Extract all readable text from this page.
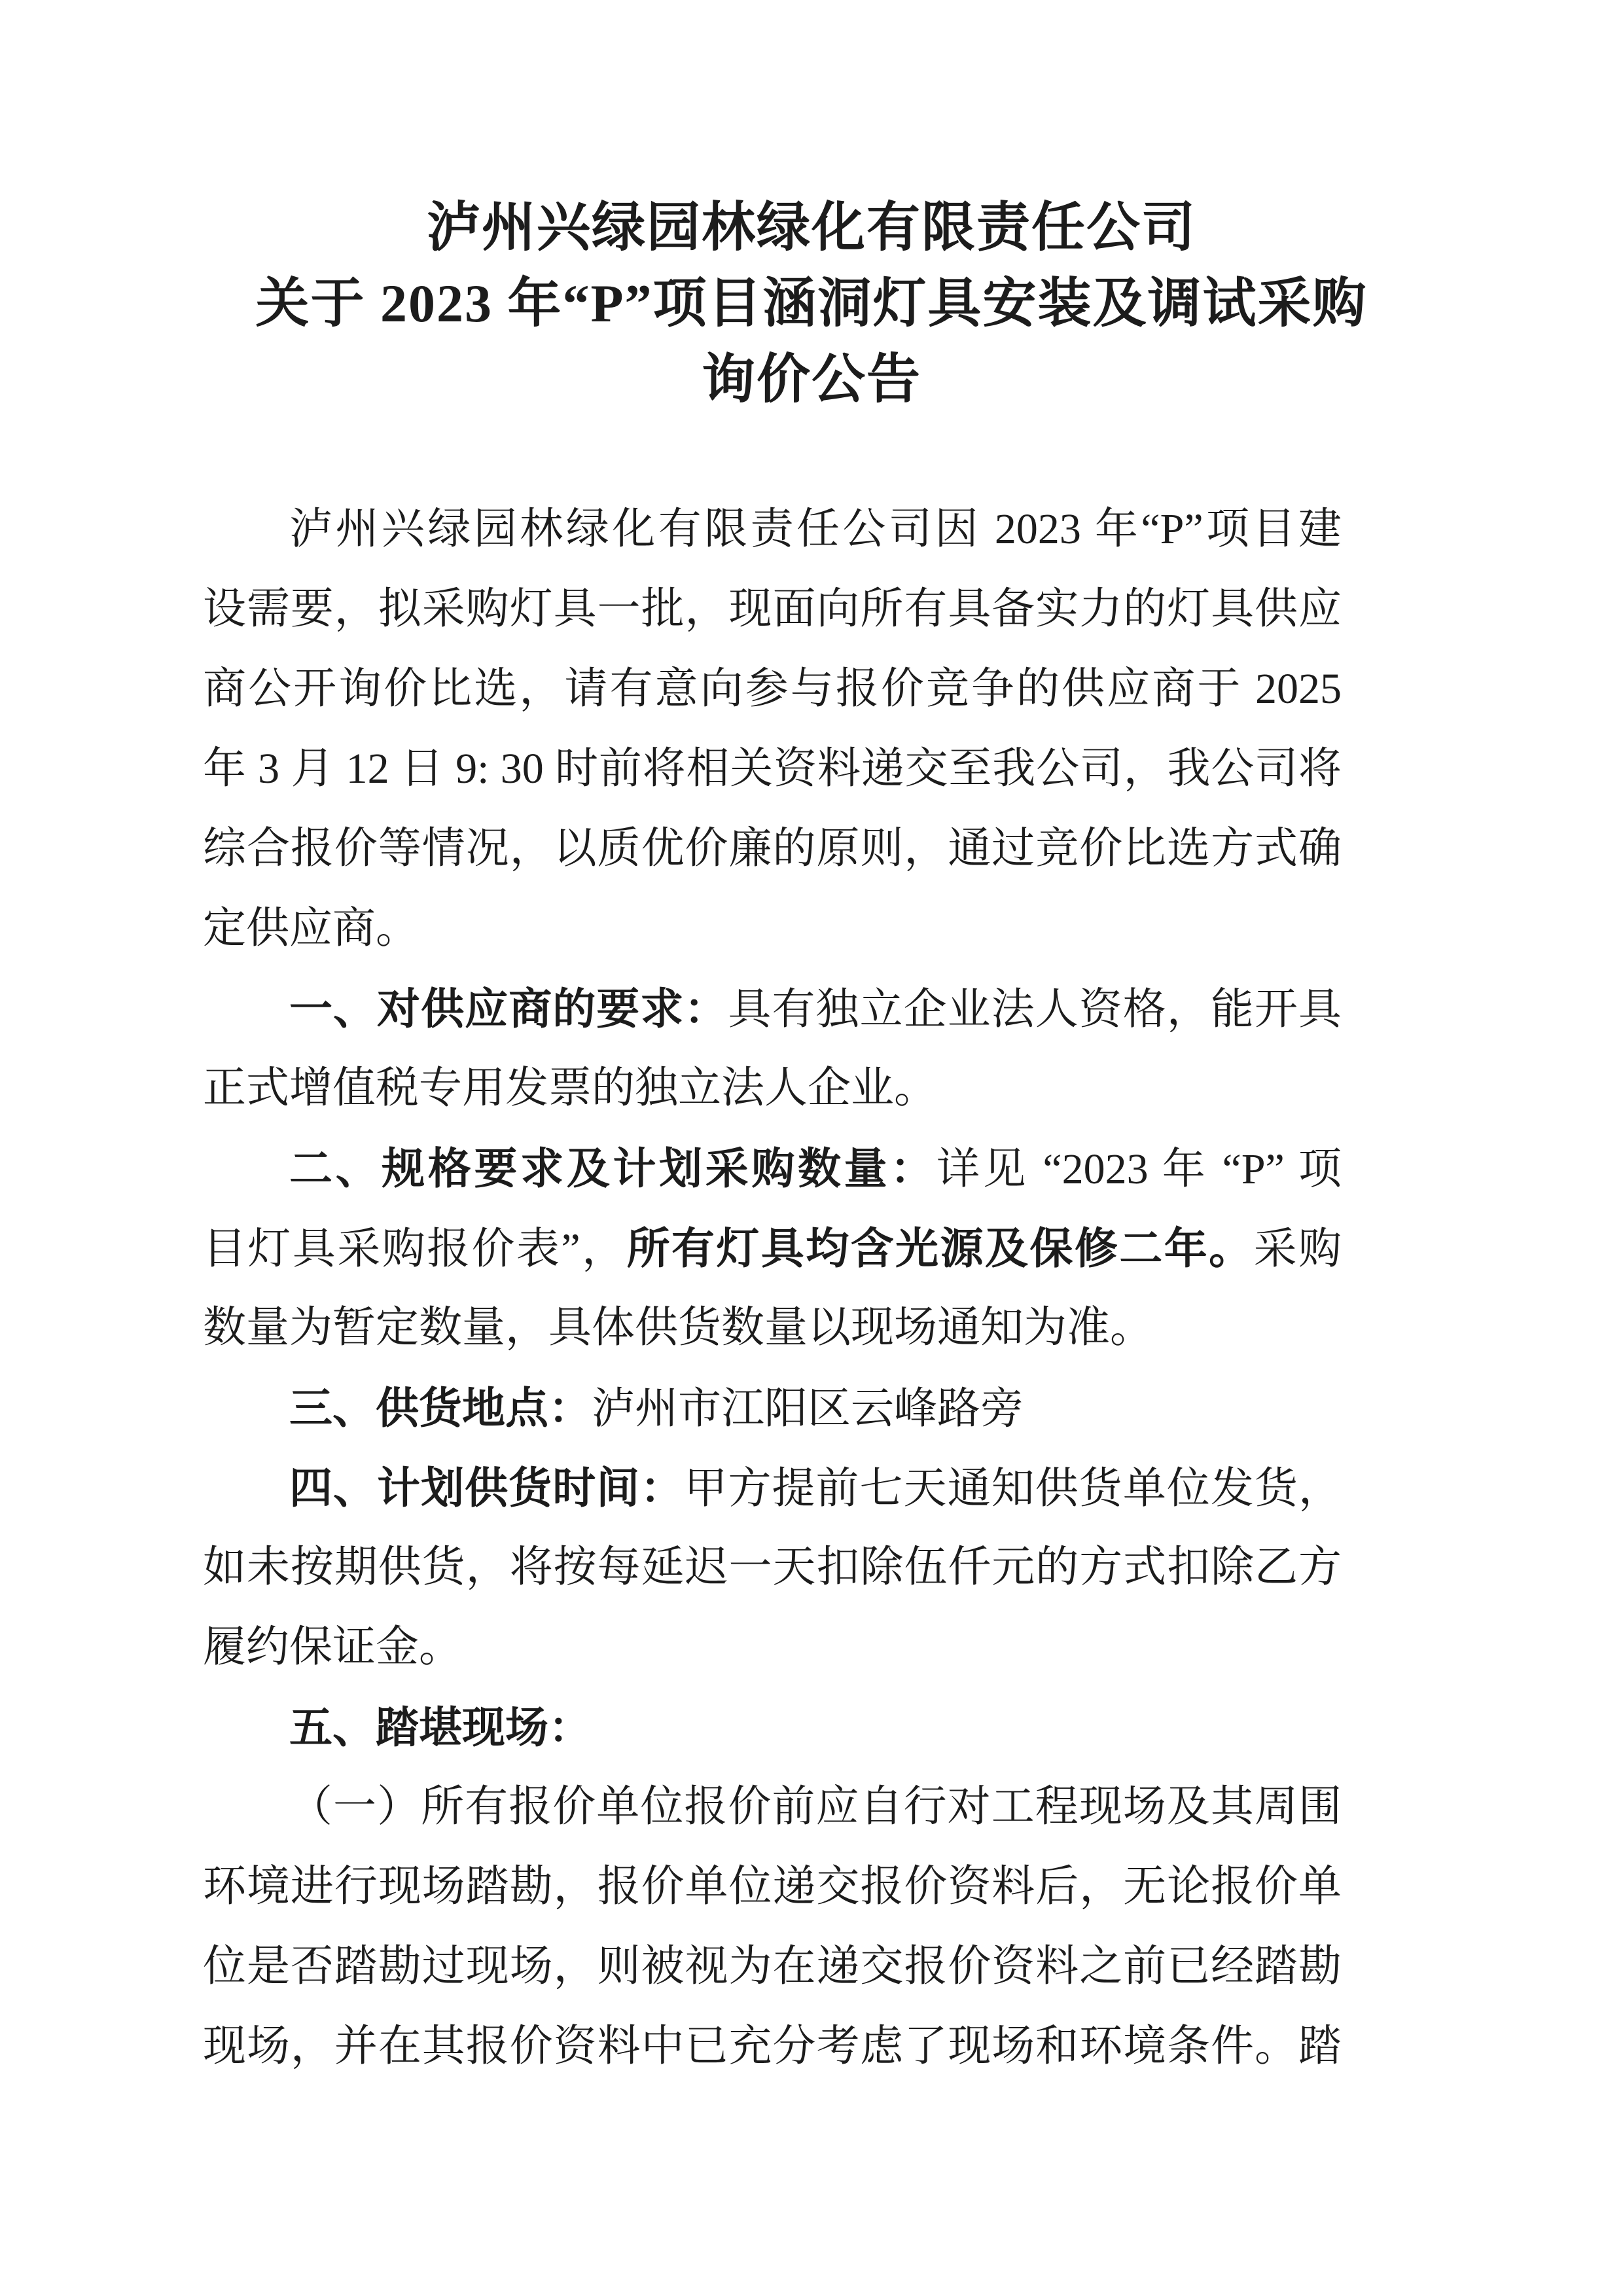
泸州兴绿园林绿化有限责任公司
关于 2023 年“P”项目涵洞灯具安装及调试采购
询价公告
泸州兴绿园林绿化有限责任公司因 2023 年“P”项目建
设需要，拟采购灯具一批，现面向所有具备实力的灯具供应
商公开询价比选，请有意向参与报价竞争的供应商于 2025
年 3 月 12 日 9: 30 时前将相关资料递交至我公司，我公司将
综合报价等情况，以质优价廉的原则，通过竞价比选方式确
定供应商。
一、对供应商的要求：具有独立企业法人资格，能开具
正式增值税专用发票的独立法人企业。
二、规格要求及计划采购数量：详见 “2023 年 “P” 项
目灯具采购报价表”，所有灯具均含光源及保修二年。采购
数量为暂定数量，具体供货数量以现场通知为准。
三、供货地点：泸州市江阳区云峰路旁
四、计划供货时间：甲方提前七天通知供货单位发货，
如未按期供货，将按每延迟一天扣除伍仟元的方式扣除乙方
履约保证金。
五、踏堪现场：
（一）所有报价单位报价前应自行对工程现场及其周围
环境进行现场踏勘，报价单位递交报价资料后，无论报价单
位是否踏勘过现场，则被视为在递交报价资料之前已经踏勘
现场，并在其报价资料中已充分考虑了现场和环境条件。踏
